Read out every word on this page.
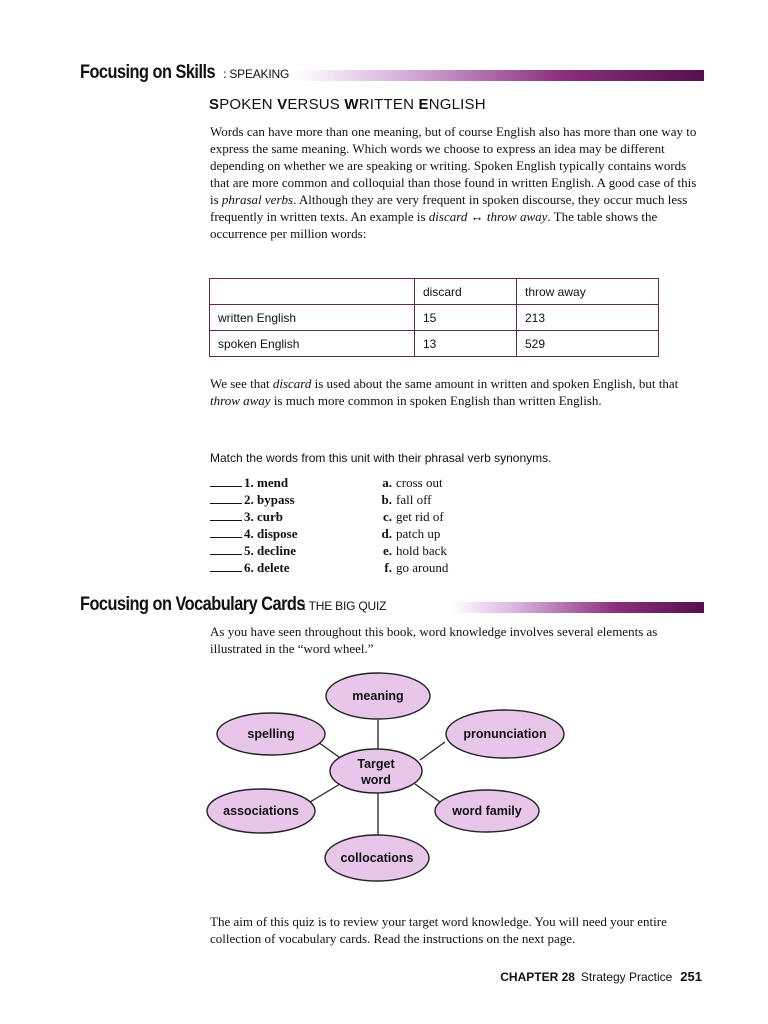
Focusing on Skills : SPEAKING
SPOKEN VERSUS WRITTEN ENGLISH

Words can have more than one meaning, but of course English also has more than one way to express the same meaning. Which words we choose to express an idea may be different depending on whether we are speaking or writing. Spoken English typically contains words that are more common and colloquial than those found in written English. A good case of this is phrasal verbs. Although they are very frequent in spoken discourse, they occur much less frequently in written texts. An example is discard ↔ throw away. The table shows the occurrence per million words:

	discard	throw away
written English	15	213
spoken English	13	529

We see that discard is used about the same amount in written and spoken English, but that throw away is much more common in spoken English than written English.

Match the words from this unit with their phrasal verb synonyms.
1. mend
2. bypass
3. curb
4. dispose
5. decline
6. delete
a. cross out
b. fall off
c. get rid of
d. patch up
e. hold back
f. go around
Focusing on Vocabulary Cards: THE BIG QUIZ

As you have seen throughout this book, word knowledge involves several elements as illustrated in the “word wheel.”

meaning
spelling	pronunciation
Target
word
associations	word family
collocations

The aim of this quiz is to review your target word knowledge. You will need your entire collection of vocabulary cards. Read the instructions on the next page.

CHAPTER 28 Strategy Practice 251
